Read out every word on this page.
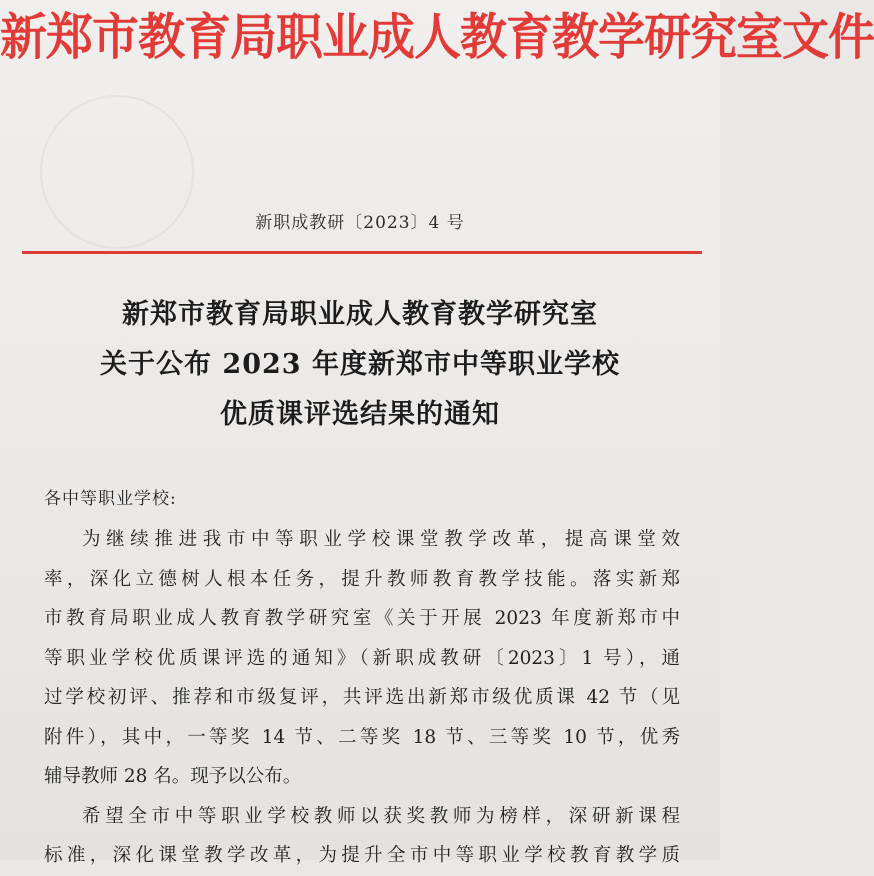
新郑市教育局职业成人教育教学研究室文件
新职成教研〔2023〕4 号
新郑市教育局职业成人教育教学研究室
关于公布 2023 年度新郑市中等职业学校
优质课评选结果的通知
各中等职业学校:
为继续推进我市中等职业学校课堂教学改革，提高课堂效
率，深化立德树人根本任务，提升教师教育教学技能。落实新郑
市教育局职业成人教育教学研究室《关于开展 2023 年度新郑市中
等职业学校优质课评选的通知》（新职成教研〔2023〕1 号），通
过学校初评、推荐和市级复评，共评选出新郑市级优质课 42 节（见
附件），其中，一等奖 14 节、二等奖 18 节、三等奖 10 节，优秀
辅导教师 28 名。现予以公布。
希望全市中等职业学校教师以获奖教师为榜样，深研新课程
标准，深化课堂教学改革，为提升全市中等职业学校教育教学质
